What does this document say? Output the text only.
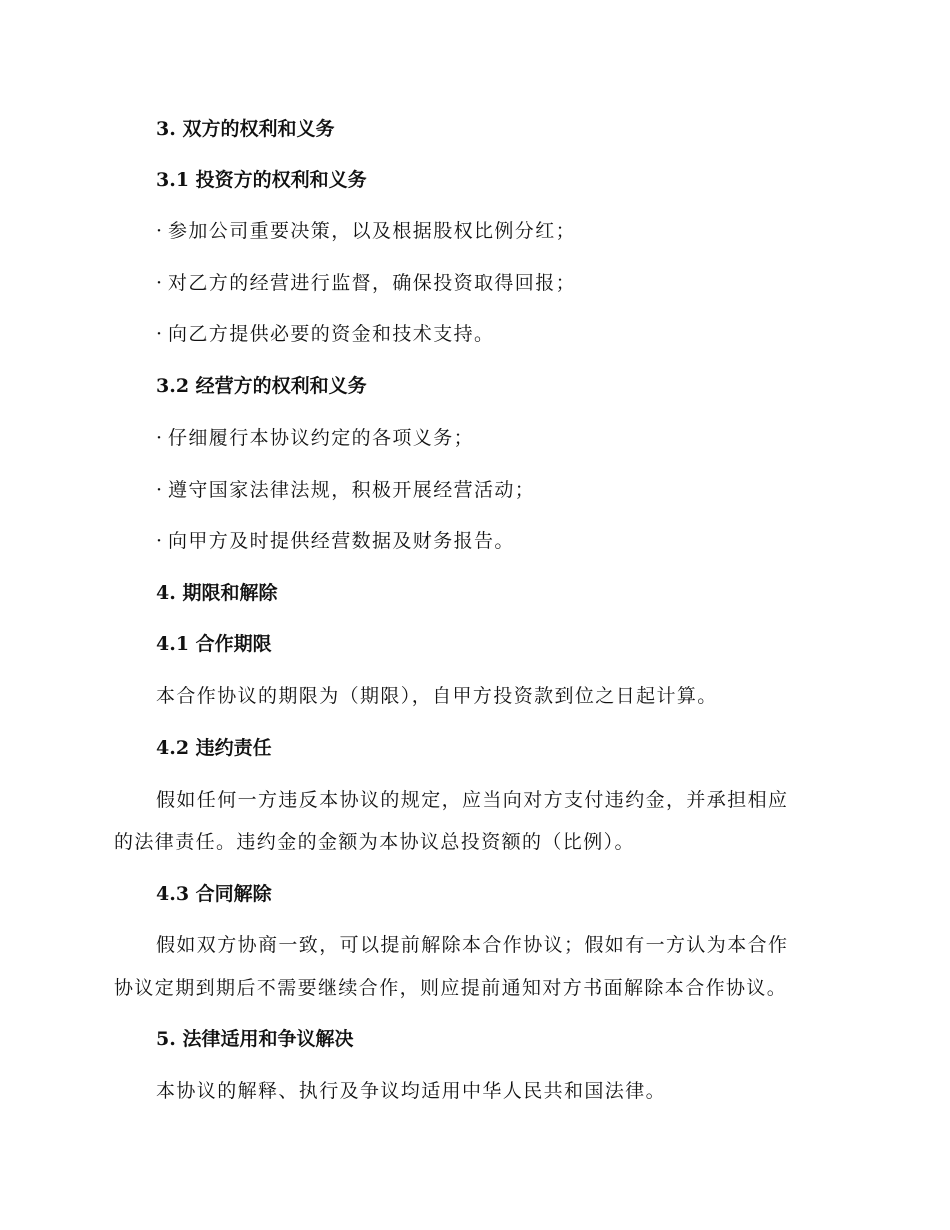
3. 双方的权利和义务
3.1 投资方的权利和义务
· 参加公司重要决策，以及根据股权比例分红；
· 对乙方的经营进行监督，确保投资取得回报；
· 向乙方提供必要的资金和技术支持。
3.2 经营方的权利和义务
· 仔细履行本协议约定的各项义务；
· 遵守国家法律法规，积极开展经营活动；
· 向甲方及时提供经营数据及财务报告。
4. 期限和解除
4.1 合作期限
本合作协议的期限为（期限），自甲方投资款到位之日起计算。
4.2 违约责任
假如任何一方违反本协议的规定，应当向对方支付违约金，并承担相应
的法律责任。违约金的金额为本协议总投资额的（比例）。
4.3 合同解除
假如双方协商一致，可以提前解除本合作协议；假如有一方认为本合作
协议定期到期后不需要继续合作，则应提前通知对方书面解除本合作协议。
5. 法律适用和争议解决
本协议的解释、执行及争议均适用中华人民共和国法律。
